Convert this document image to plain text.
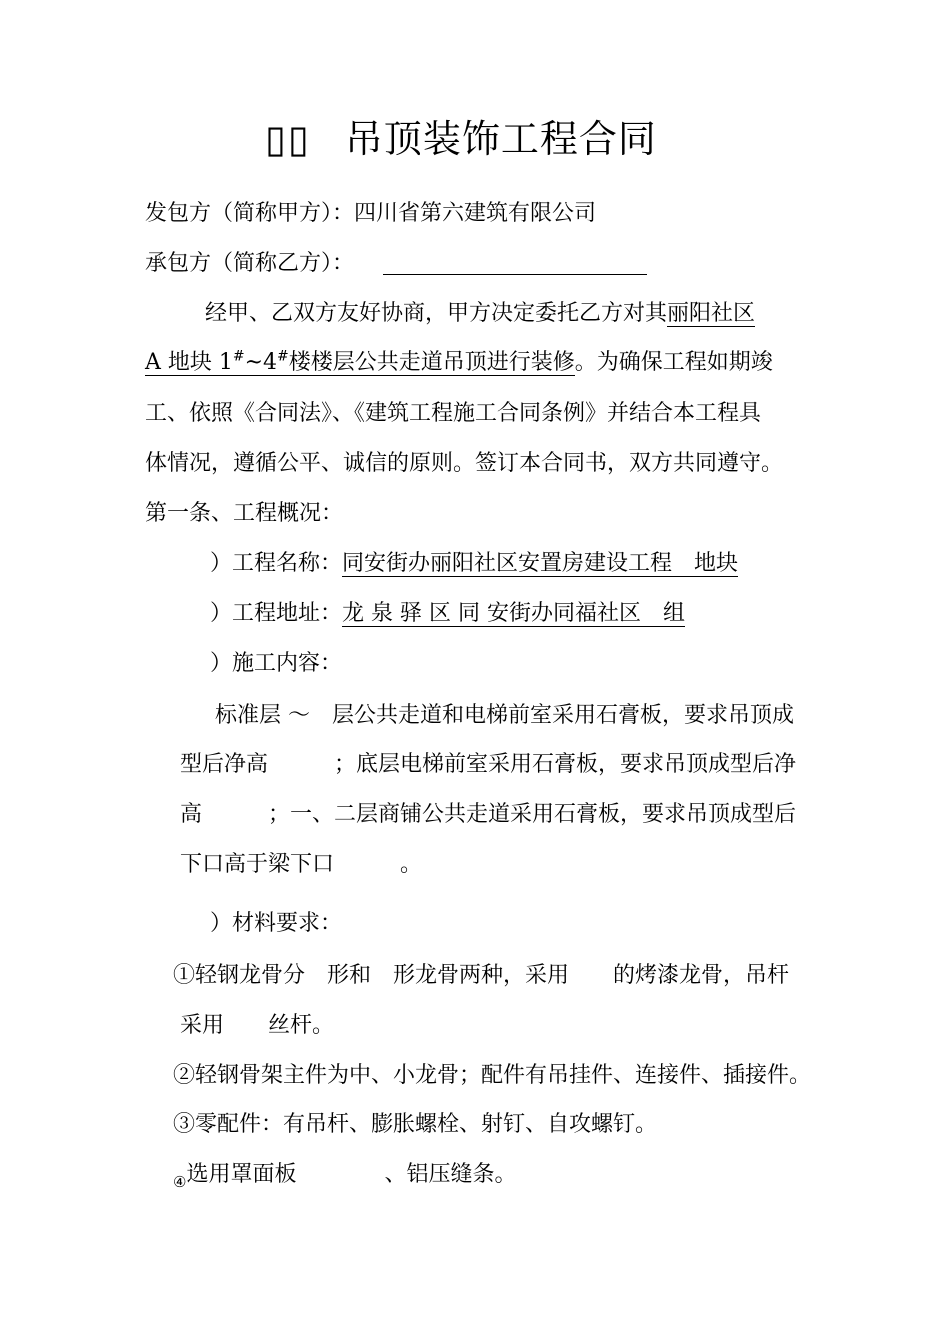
▯▯ 吊顶装饰工程合同
发包方（简称甲方）：四川省第六建筑有限公司
承包方（简称乙方）：
经甲、乙双方友好协商，甲方决定委托乙方对其丽阳社区
A 地块 1#~4#楼楼层公共走道吊顶进行装修。为确保工程如期竣
工、依照《合同法》、《建筑工程施工合同条例》并结合本工程具
体情况，遵循公平、诚信的原则。签订本合同书，双方共同遵守。
第一条、工程概况：
）工程名称：同安街办丽阳社区安置房建设工程　地块
）工程地址：龙 泉 驿 区 同 安街办同福社区　组
）施工内容：
标准层 ～　层公共走道和电梯前室采用石膏板，要求吊顶成
型后净高　　　；底层电梯前室采用石膏板，要求吊顶成型后净
高　　　；一、二层商铺公共走道采用石膏板，要求吊顶成型后
下口高于梁下口　　　。
）材料要求：
①轻钢龙骨分　形和　形龙骨两种，采用　　的烤漆龙骨，吊杆
采用　　丝杆。
②轻钢骨架主件为中、小龙骨；配件有吊挂件、连接件、插接件。
③零配件：有吊杆、膨胀螺栓、射钉、自攻螺钉。
$_④$选用罩面板　　　　、铝压缝条。
